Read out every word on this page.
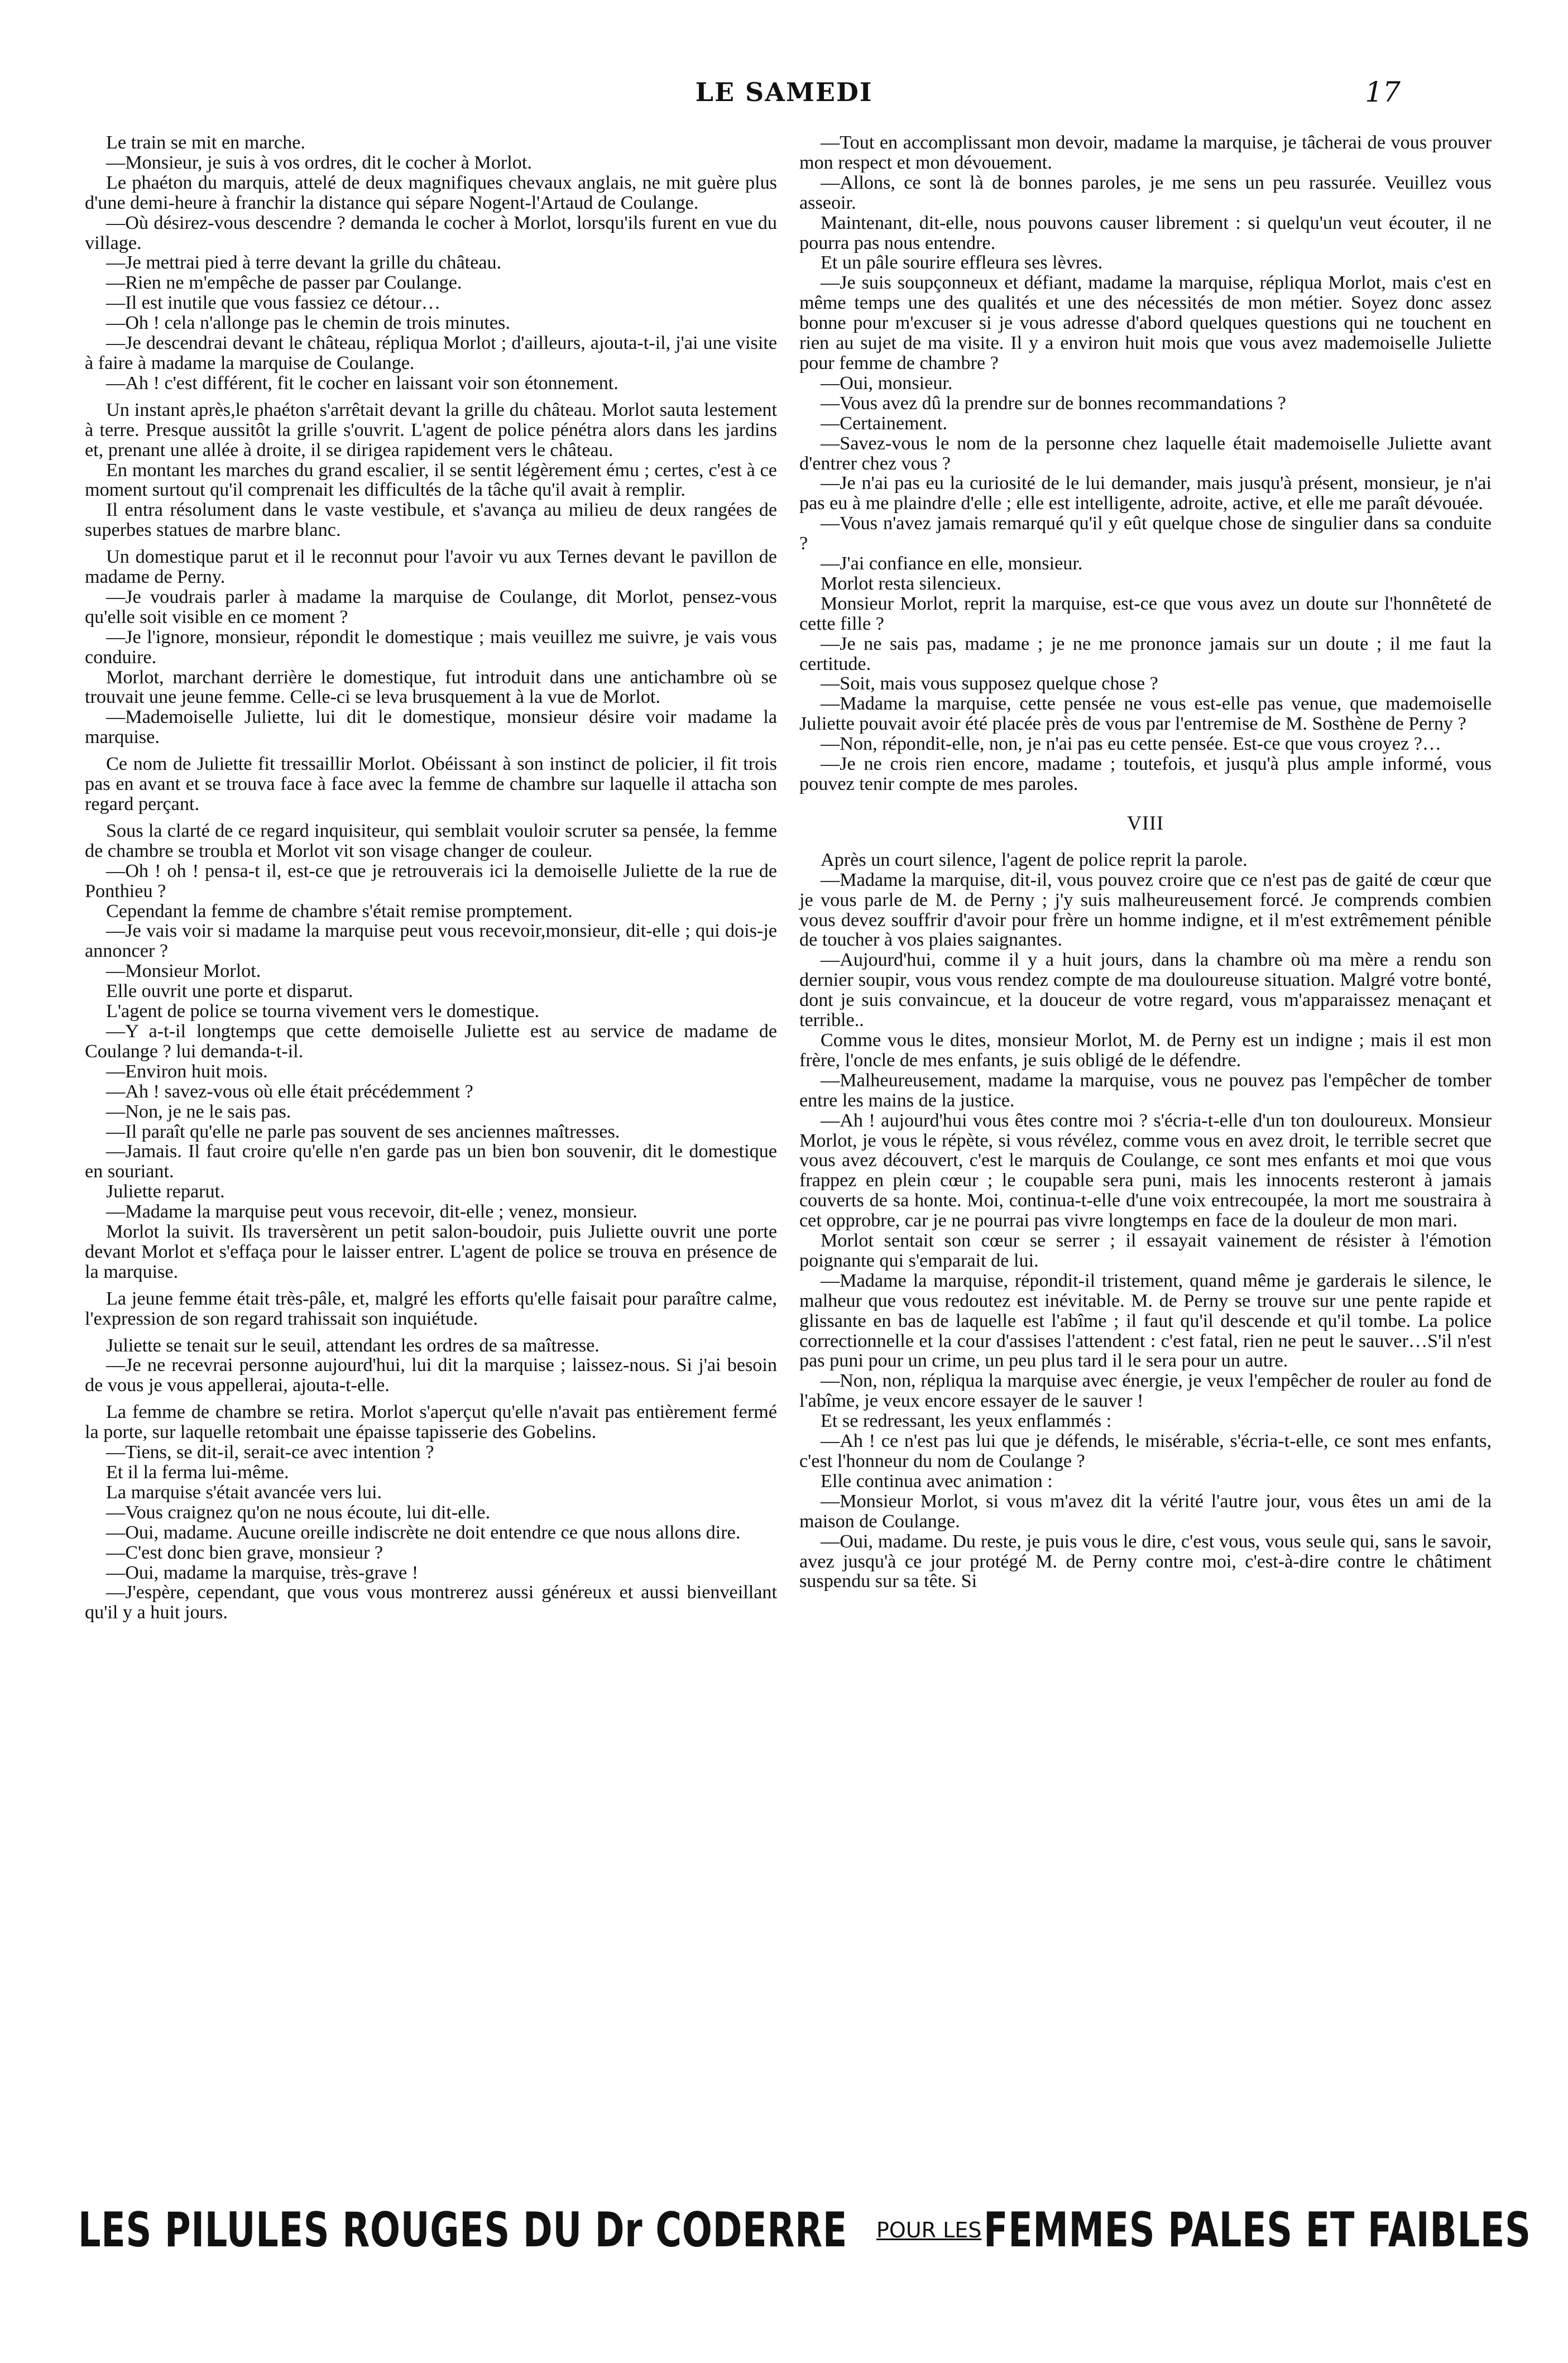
LE SAMEDI	17

Le train se mit en marche.

—Monsieur, je suis à vos ordres, dit le cocher à Morlot.

Le phaéton du marquis, attelé de deux magnifiques chevaux anglais, ne mit guère plus d'une demi-heure à franchir la distance qui sépare Nogent-l'Artaud de Coulange.

—Où désirez-vous descendre ? demanda le cocher à Morlot, lorsqu'ils furent en vue du village.

—Je mettrai pied à terre devant la grille du château.

—Rien ne m'empêche de passer par Coulange.

—Il est inutile que vous fassiez ce détour…

—Oh ! cela n'allonge pas le chemin de trois minutes.

—Je descendrai devant le château, répliqua Morlot ; d'ailleurs, ajouta-t-il, j'ai une visite à faire à madame la marquise de Coulange.

—Ah ! c'est différent, fit le cocher en laissant voir son étonnement.

Un instant après,le phaéton s'arrêtait devant la grille du château. Morlot sauta lestement à terre. Presque aussitôt la grille s'ouvrit. L'agent de police pénétra alors dans les jardins et, prenant une allée à droite, il se dirigea rapidement vers le château.

En montant les marches du grand escalier, il se sentit légèrement ému ; certes, c'est à ce moment surtout qu'il comprenait les difficultés de la tâche qu'il avait à remplir.

Il entra résolument dans le vaste vestibule, et s'avança au milieu de deux rangées de superbes statues de marbre blanc.

Un domestique parut et il le reconnut pour l'avoir vu aux Ternes devant le pavillon de madame de Perny.

—Je voudrais parler à madame la marquise de Coulange, dit Morlot, pensez-vous qu'elle soit visible en ce moment ?

—Je l'ignore, monsieur, répondit le domestique ; mais veuillez me suivre, je vais vous conduire.

Morlot, marchant derrière le domestique, fut introduit dans une antichambre où se trouvait une jeune femme. Celle-ci se leva brusquement à la vue de Morlot.

—Mademoiselle Juliette, lui dit le domestique, monsieur désire voir madame la marquise.

Ce nom de Juliette fit tressaillir Morlot. Obéissant à son instinct de policier, il fit trois pas en avant et se trouva face à face avec la femme de chambre sur laquelle il attacha son regard perçant.

Sous la clarté de ce regard inquisiteur, qui semblait vouloir scruter sa pensée, la femme de chambre se troubla et Morlot vit son visage changer de couleur.

—Oh ! oh ! pensa-t il, est-ce que je retrouverais ici la demoiselle Juliette de la rue de Ponthieu ?

Cependant la femme de chambre s'était remise promptement.

—Je vais voir si madame la marquise peut vous recevoir,monsieur, dit-elle ; qui dois-je annoncer ?

—Monsieur Morlot.

Elle ouvrit une porte et disparut.

L'agent de police se tourna vivement vers le domestique.

—Y a-t-il longtemps que cette demoiselle Juliette est au service de madame de Coulange ? lui demanda-t-il.

—Environ huit mois.

—Ah ! savez-vous où elle était précédemment ?

—Non, je ne le sais pas.

—Il paraît qu'elle ne parle pas souvent de ses anciennes maîtresses.

—Jamais. Il faut croire qu'elle n'en garde pas un bien bon souvenir, dit le domestique en souriant.

Juliette reparut.

—Madame la marquise peut vous recevoir, dit-elle ; venez, monsieur.

Morlot la suivit. Ils traversèrent un petit salon-boudoir, puis Juliette ouvrit une porte devant Morlot et s'effaça pour le laisser entrer. L'agent de police se trouva en présence de la marquise.

La jeune femme était très-pâle, et, malgré les efforts qu'elle faisait pour paraître calme, l'expression de son regard trahissait son inquiétude.

Juliette se tenait sur le seuil, attendant les ordres de sa maîtresse.

—Je ne recevrai personne aujourd'hui, lui dit la marquise ; laissez-nous. Si j'ai besoin de vous je vous appellerai, ajouta-t-elle.

La femme de chambre se retira. Morlot s'aperçut qu'elle n'avait pas entièrement fermé la porte, sur laquelle retombait une épaisse tapisserie des Gobelins.

—Tiens, se dit-il, serait-ce avec intention ?

Et il la ferma lui-même.

La marquise s'était avancée vers lui.

—Vous craignez qu'on ne nous écoute, lui dit-elle.

—Oui, madame. Aucune oreille indiscrète ne doit entendre ce que nous allons dire.

—C'est donc bien grave, monsieur ?

—Oui, madame la marquise, très-grave !

—J'espère, cependant, que vous vous montrerez aussi généreux et aussi bienveillant qu'il y a huit jours.

—Tout en accomplissant mon devoir, madame la marquise, je tâcherai de vous prouver mon respect et mon dévouement.

—Allons, ce sont là de bonnes paroles, je me sens un peu rassurée. Veuillez vous asseoir.

Maintenant, dit-elle, nous pouvons causer librement : si quelqu'un veut écouter, il ne pourra pas nous entendre.

Et un pâle sourire effleura ses lèvres.

—Je suis soupçonneux et défiant, madame la marquise, répliqua Morlot, mais c'est en même temps une des qualités et une des nécessités de mon métier. Soyez donc assez bonne pour m'excuser si je vous adresse d'abord quelques questions qui ne touchent en rien au sujet de ma visite. Il y a environ huit mois que vous avez mademoiselle Juliette pour femme de chambre ?

—Oui, monsieur.

—Vous avez dû la prendre sur de bonnes recommandations ?

—Certainement.

—Savez-vous le nom de la personne chez laquelle était mademoiselle Juliette avant d'entrer chez vous ?

—Je n'ai pas eu la curiosité de le lui demander, mais jusqu'à présent, monsieur, je n'ai pas eu à me plaindre d'elle ; elle est intelligente, adroite, active, et elle me paraît dévouée.

—Vous n'avez jamais remarqué qu'il y eût quelque chose de singulier dans sa conduite ?

—J'ai confiance en elle, monsieur.

Morlot resta silencieux.

Monsieur Morlot, reprit la marquise, est-ce que vous avez un doute sur l'honnêteté de cette fille ?

—Je ne sais pas, madame ; je ne me prononce jamais sur un doute ; il me faut la certitude.

—Soit, mais vous supposez quelque chose ?

—Madame la marquise, cette pensée ne vous est-elle pas venue, que mademoiselle Juliette pouvait avoir été placée près de vous par l'entremise de M. Sosthène de Perny ?

—Non, répondit-elle, non, je n'ai pas eu cette pensée. Est-ce que vous croyez ?…

—Je ne crois rien encore, madame ; toutefois, et jusqu'à plus ample informé, vous pouvez tenir compte de mes paroles.

VIII

Après un court silence, l'agent de police reprit la parole.

—Madame la marquise, dit-il, vous pouvez croire que ce n'est pas de gaité de cœur que je vous parle de M. de Perny ; j'y suis malheureusement forcé. Je comprends combien vous devez souffrir d'avoir pour frère un homme indigne, et il m'est extrêmement pénible de toucher à vos plaies saignantes.

—Aujourd'hui, comme il y a huit jours, dans la chambre où ma mère a rendu son dernier soupir, vous vous rendez compte de ma douloureuse situation. Malgré votre bonté, dont je suis convaincue, et la douceur de votre regard, vous m'apparaissez menaçant et terrible..

Comme vous le dites, monsieur Morlot, M. de Perny est un indigne ; mais il est mon frère, l'oncle de mes enfants, je suis obligé de le défendre.

—Malheureusement, madame la marquise, vous ne pouvez pas l'empêcher de tomber entre les mains de la justice.

—Ah ! aujourd'hui vous êtes contre moi ? s'écria-t-elle d'un ton douloureux. Monsieur Morlot, je vous le répète, si vous révélez, comme vous en avez droit, le terrible secret que vous avez découvert, c'est le marquis de Coulange, ce sont mes enfants et moi que vous frappez en plein cœur ; le coupable sera puni, mais les innocents resteront à jamais couverts de sa honte. Moi, continua-t-elle d'une voix entrecoupée, la mort me soustraira à cet opprobre, car je ne pourrai pas vivre longtemps en face de la douleur de mon mari.

Morlot sentait son cœur se serrer ; il essayait vainement de résister à l'émotion poignante qui s'emparait de lui.

—Madame la marquise, répondit-il tristement, quand même je garderais le silence, le malheur que vous redoutez est inévitable. M. de Perny se trouve sur une pente rapide et glissante en bas de laquelle est l'abîme ; il faut qu'il descende et qu'il tombe. La police correctionnelle et la cour d'assises l'attendent : c'est fatal, rien ne peut le sauver…S'il n'est pas puni pour un crime, un peu plus tard il le sera pour un autre.

—Non, non, répliqua la marquise avec énergie, je veux l'empêcher de rouler au fond de l'abîme, je veux encore essayer de le sauver !

Et se redressant, les yeux enflammés :

—Ah ! ce n'est pas lui que je défends, le misérable, s'écria-t-elle, ce sont mes enfants, c'est l'honneur du nom de Coulange ?

Elle continua avec animation :

—Monsieur Morlot, si vous m'avez dit la vérité l'autre jour, vous êtes un ami de la maison de Coulange.

—Oui, madame. Du reste, je puis vous le dire, c'est vous, vous seule qui, sans le savoir, avez jusqu'à ce jour protégé M. de Perny contre moi, c'est-à-dire contre le châtiment suspendu sur sa tête. Si

LES PILULES ROUGES DU Dr CODERRE POUR LES FEMMES PALES ET FAIBLES
